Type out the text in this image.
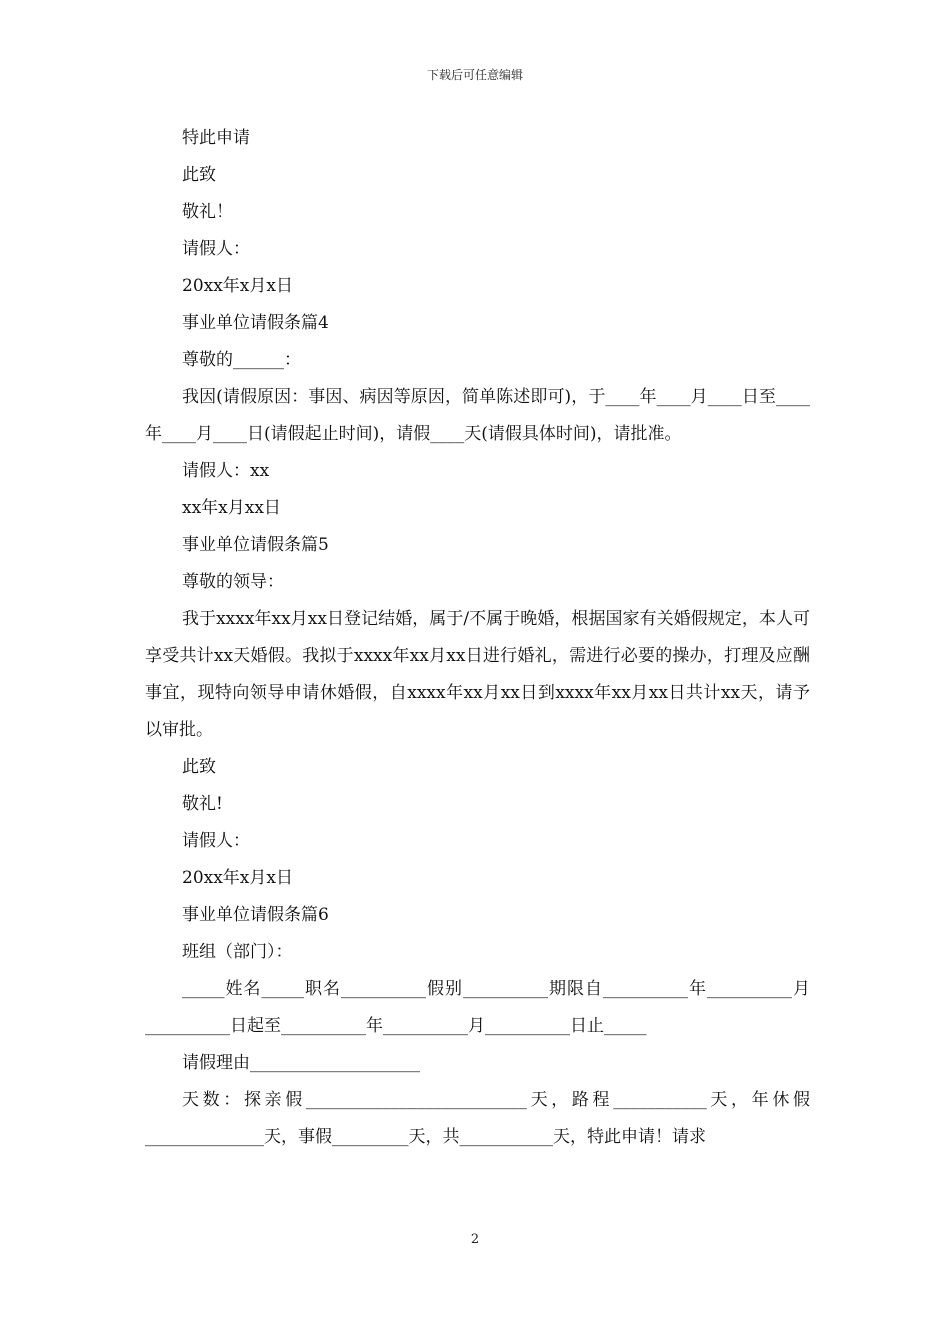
下载后可任意编辑

特此申请

此致

敬礼！

请假人：

20xx年x月x日

事业单位请假条篇4

尊敬的______：

我因(请假原因：事因、病因等原因，简单陈述即可)，于____年____月____日至____年____月____日(请假起止时间)，请假____天(请假具体时间)，请批准。

请假人：xx

xx年x月xx日

事业单位请假条篇5

尊敬的领导：

我于xxxx年xx月xx日登记结婚，属于/不属于晚婚，根据国家有关婚假规定，本人可享受共计xx天婚假。我拟于xxxx年xx月xx日进行婚礼，需进行必要的操办，打理及应酬事宜，现特向领导申请休婚假，自xxxx年xx月xx日到xxxx年xx月xx日共计xx天，请予以审批。

此致

敬礼!

请假人：

20xx年x月x日

事业单位请假条篇6

班组（部门）：

_____姓名_____职名__________假别__________期限自__________年__________月__________日起至__________年__________月__________日止_____

请假理由____________________

天数：探亲假__________________________天，路程___________天，年休假______________天，事假_________天，共___________天，特此申请！请求

2
